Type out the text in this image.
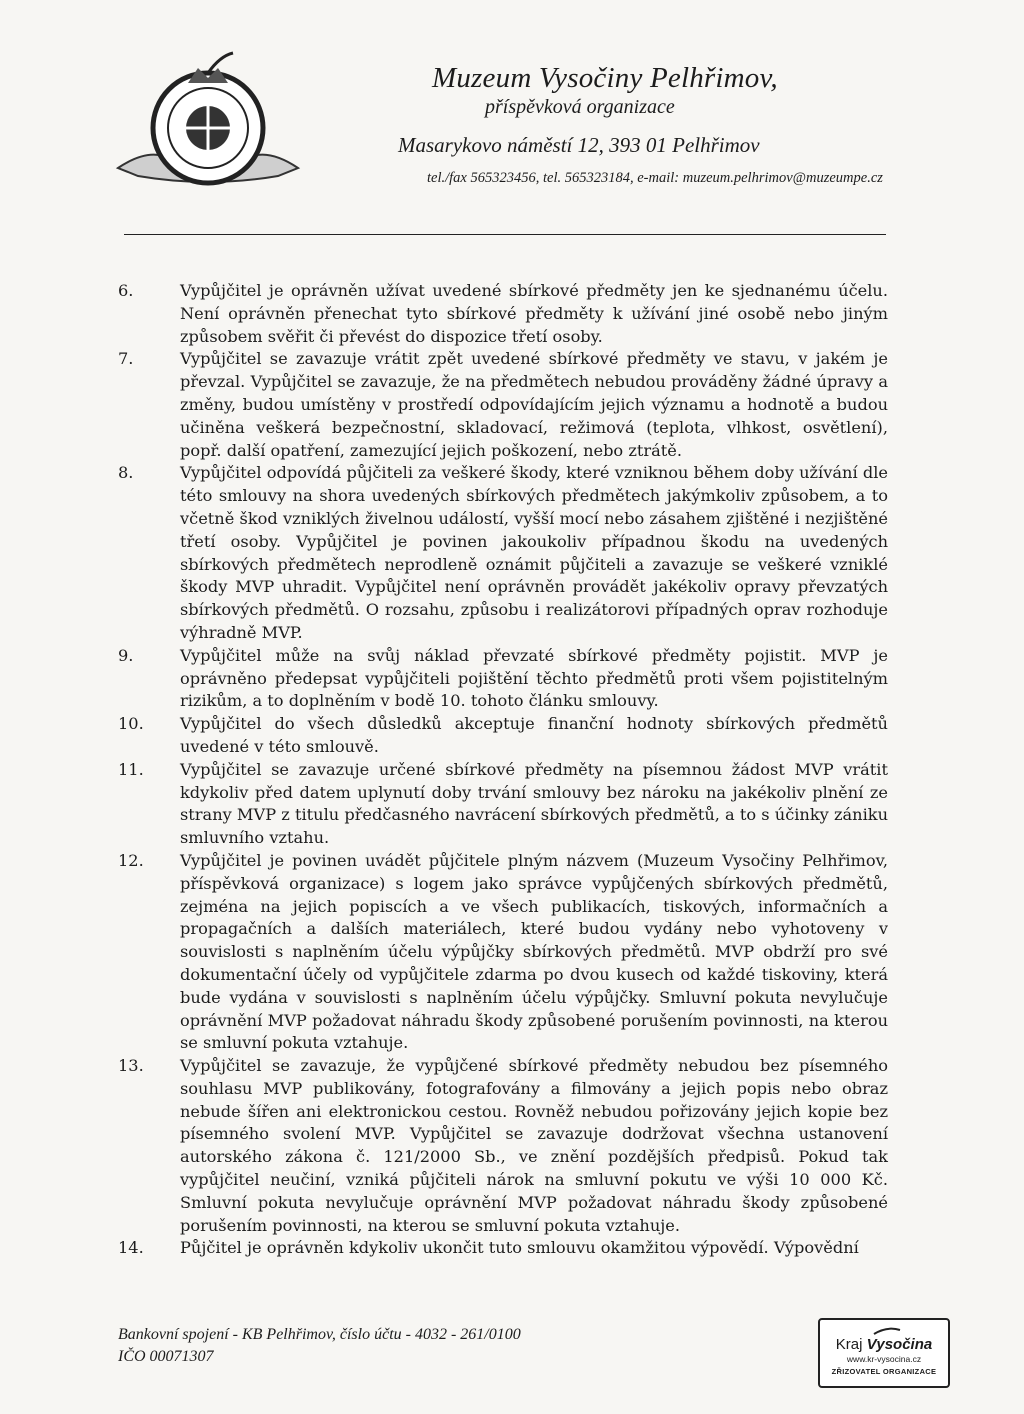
Muzeum Vysočiny Pelhřimov,
příspěvková organizace
Masarykovo náměstí 12, 393 01 Pelhřimov
tel./fax 565323456, tel. 565323184, e-mail: muzeum.pelhrimov@muzeumpe.cz
6.	Vypůjčitel je oprávněn užívat uvedené sbírkové předměty jen ke sjednanému účelu. Není oprávněn přenechat tyto sbírkové předměty k užívání jiné osobě nebo jiným způsobem svěřit či převést do dispozice třetí osoby.
7.	Vypůjčitel se zavazuje vrátit zpět uvedené sbírkové předměty ve stavu, v jakém je převzal. Vypůjčitel se zavazuje, že na předmětech nebudou prováděny žádné úpravy a změny, budou umístěny v prostředí odpovídajícím jejich významu a hodnotě a budou učiněna veškerá bezpečnostní, skladovací, režimová (teplota, vlhkost, osvětlení), popř. další opatření, zamezující jejich poškození, nebo ztrátě.
8.	Vypůjčitel odpovídá půjčiteli za veškeré škody, které vzniknou během doby užívání dle této smlouvy na shora uvedených sbírkových předmětech jakýmkoliv způsobem, a to včetně škod vzniklých živelnou událostí, vyšší mocí nebo zásahem zjištěné i nezjištěné třetí osoby. Vypůjčitel je povinen jakoukoliv případnou škodu na uvedených sbírkových předmětech neprodleně oznámit půjčiteli a zavazuje se veškeré vzniklé škody MVP uhradit. Vypůjčitel není oprávněn provádět jakékoliv opravy převzatých sbírkových předmětů. O rozsahu, způsobu i realizátorovi případných oprav rozhoduje výhradně MVP.
9.	Vypůjčitel může na svůj náklad převzaté sbírkové předměty pojistit. MVP je oprávněno předepsat vypůjčiteli pojištění těchto předmětů proti všem pojistitelným rizikům, a to doplněním v bodě 10. tohoto článku smlouvy.
10.	Vypůjčitel do všech důsledků akceptuje finanční hodnoty sbírkových předmětů uvedené v této smlouvě.
11.	Vypůjčitel se zavazuje určené sbírkové předměty na písemnou žádost MVP vrátit kdykoliv před datem uplynutí doby trvání smlouvy bez nároku na jakékoliv plnění ze strany MVP z titulu předčasného navrácení sbírkových předmětů, a to s účinky zániku smluvního vztahu.
12.	Vypůjčitel je povinen uvádět půjčitele plným názvem (Muzeum Vysočiny Pelhřimov, příspěvková organizace) s logem jako správce vypůjčených sbírkových předmětů, zejména na jejich popiscích a ve všech publikacích, tiskových, informačních a propagačních a dalších materiálech, které budou vydány nebo vyhotoveny v souvislosti s naplněním účelu výpůjčky sbírkových předmětů. MVP obdrží pro své dokumentační účely od vypůjčitele zdarma po dvou kusech od každé tiskoviny, která bude vydána v souvislosti s naplněním účelu výpůjčky. Smluvní pokuta nevylučuje oprávnění MVP požadovat náhradu škody způsobené porušením povinnosti, na kterou se smluvní pokuta vztahuje.
13.	Vypůjčitel se zavazuje, že vypůjčené sbírkové předměty nebudou bez písemného souhlasu MVP publikovány, fotografovány a filmovány a jejich popis nebo obraz nebude šířen ani elektronickou cestou. Rovněž nebudou pořizovány jejich kopie bez písemného svolení MVP. Vypůjčitel se zavazuje dodržovat všechna ustanovení autorského zákona č. 121/2000 Sb., ve znění pozdějších předpisů. Pokud tak vypůjčitel neučiní, vzniká půjčiteli nárok na smluvní pokutu ve výši 10 000 Kč. Smluvní pokuta nevylučuje oprávnění MVP požadovat náhradu škody způsobené porušením povinnosti, na kterou se smluvní pokuta vztahuje.
14.	Půjčitel je oprávněn kdykoliv ukončit tuto smlouvu okamžitou výpovědí. Výpovědní
Bankovní spojení - KB Pelhřimov, číslo účtu - 4032 - 261/0100
IČO 00071307
Kraj Vysočina
www.kr-vysocina.cz
ZŘIZOVATEL ORGANIZACE
